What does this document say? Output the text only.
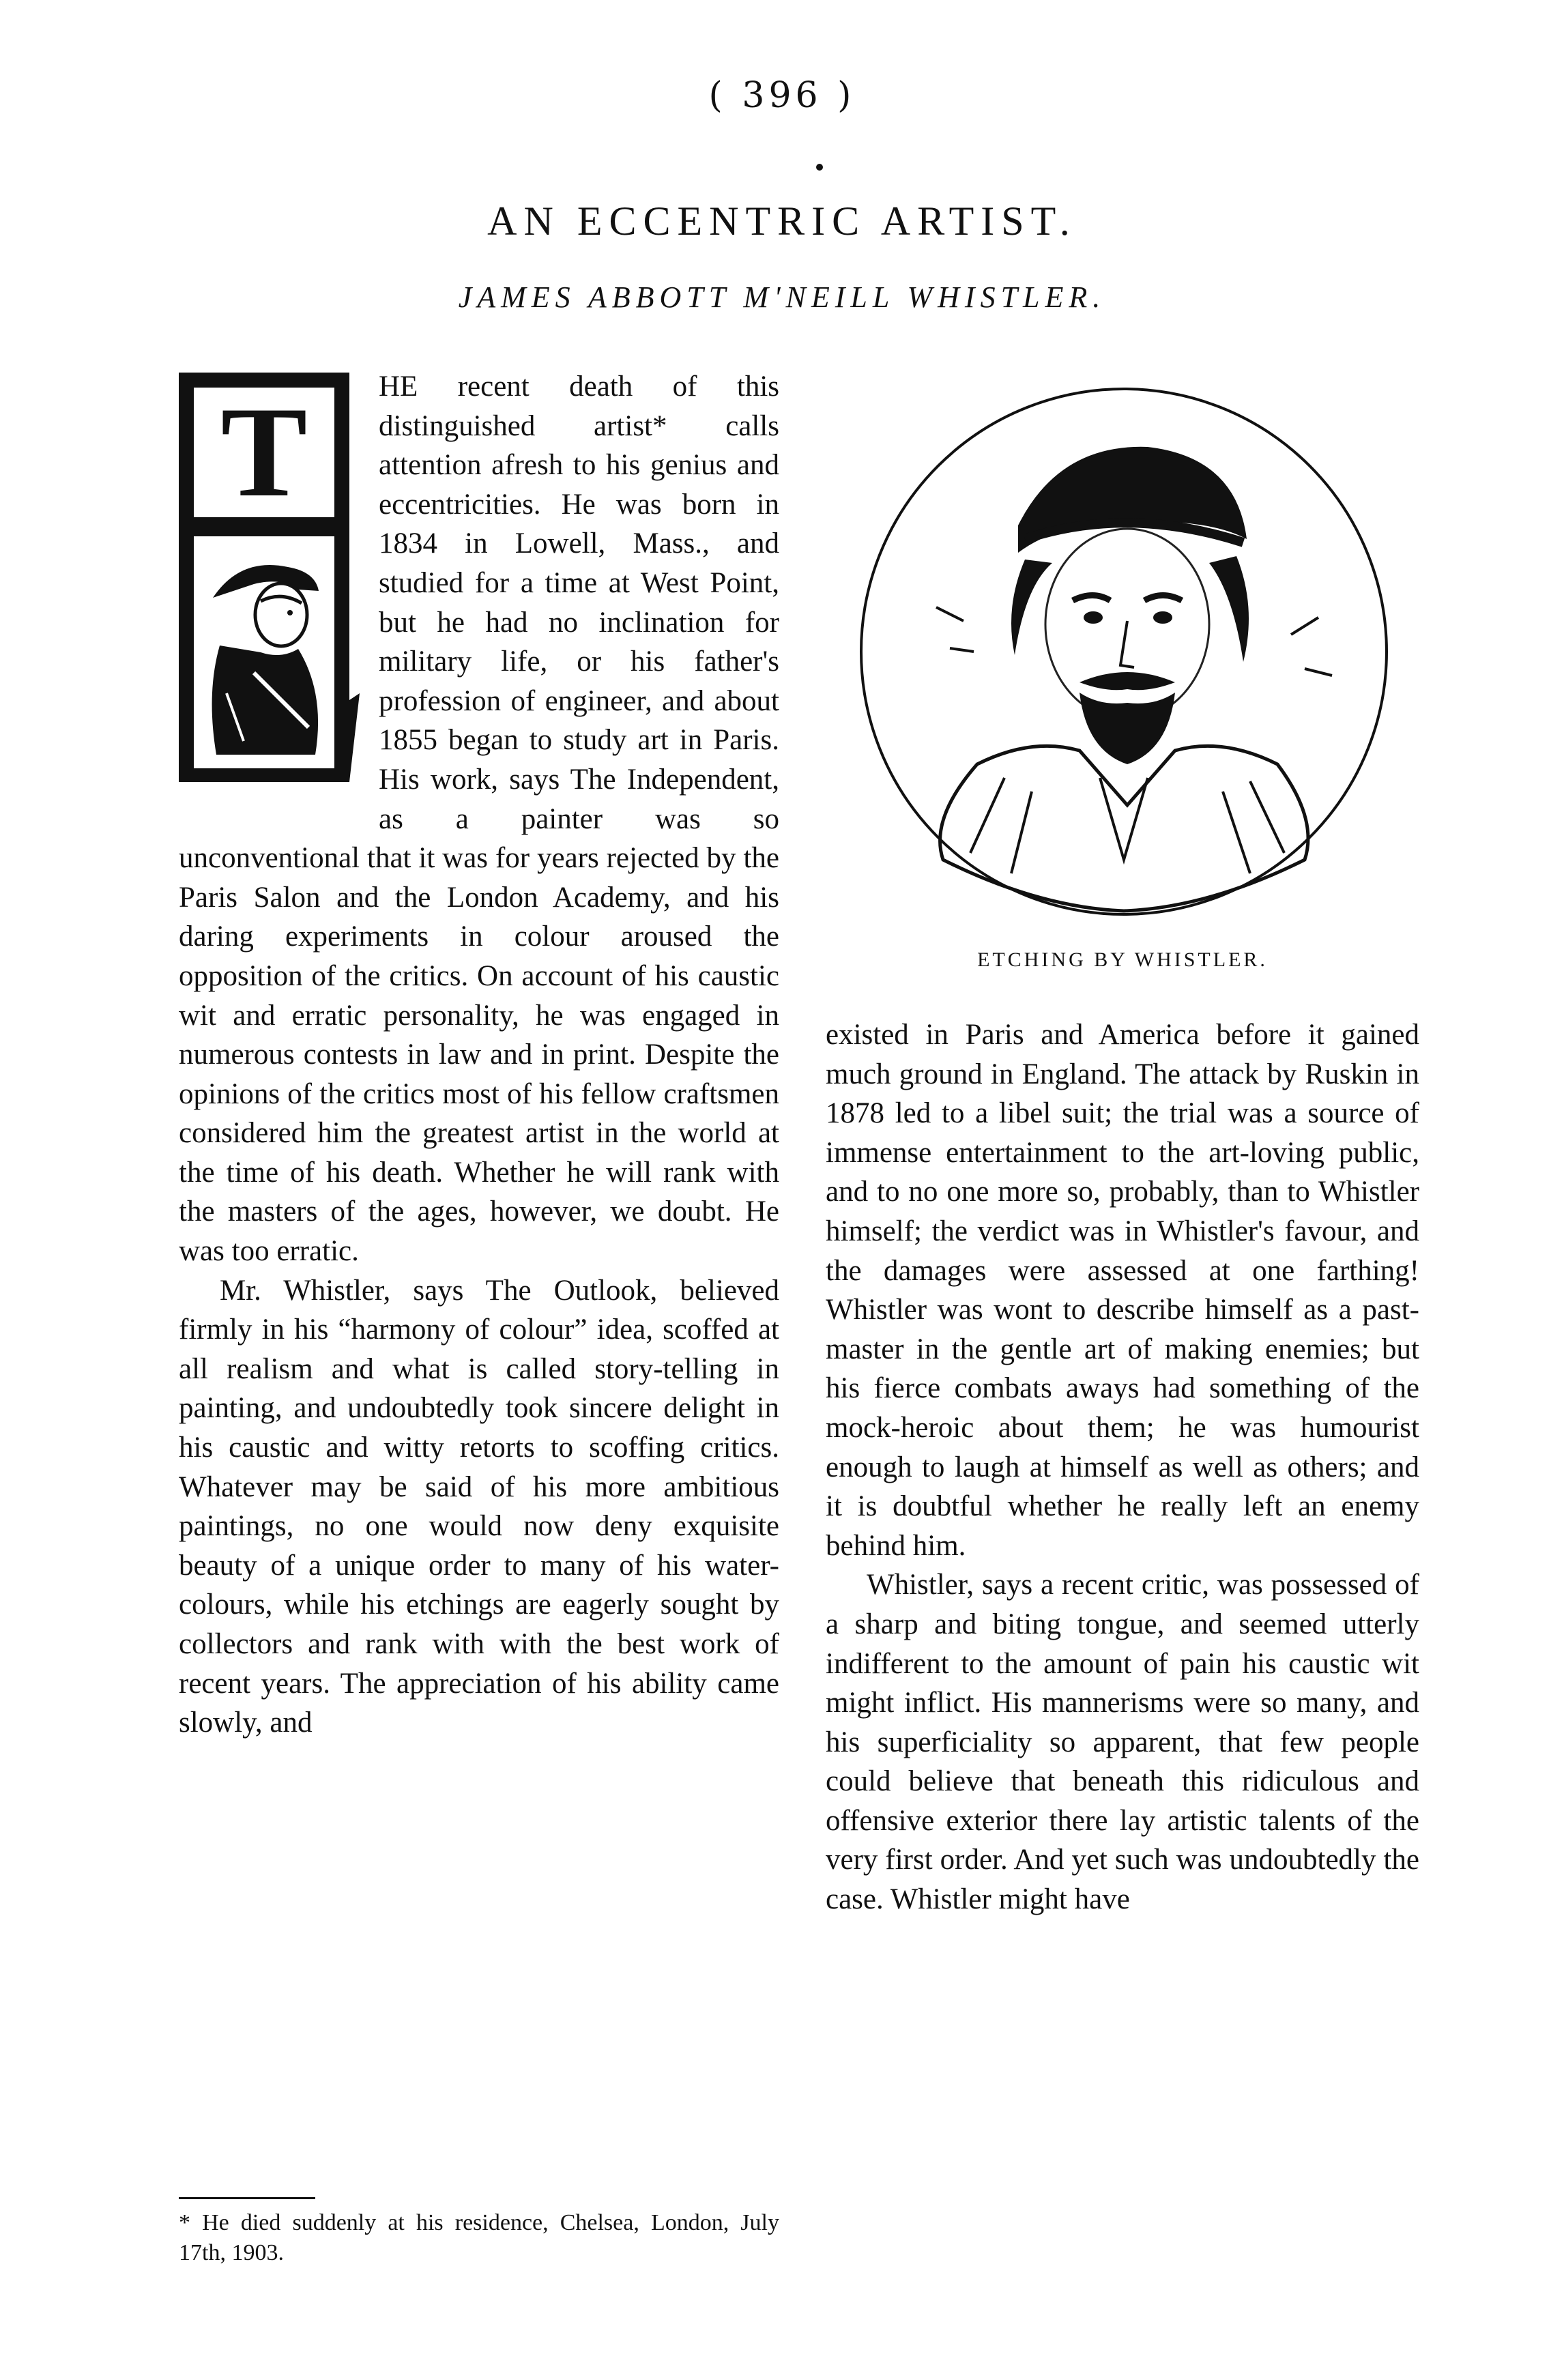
( 396 )
AN ECCENTRIC ARTIST.
JAMES ABBOTT M'NEILL WHISTLER.
T	HE recent death of this distinguished artist* calls attention afresh to his genius and eccentricities. He was born in 1834 in Lowell, Mass., and studied for a time at West Point, but he had no inclination for military life, or his father's profession of engineer, and about 1855 began to study art in Paris. His work, says The Independent, as a painter was so unconventional that it was for years rejected by the Paris Salon and the London Academy, and his daring experiments in colour aroused the opposition of the critics. On account of his caustic wit and erratic personality, he was engaged in numerous contests in law and in print. Despite the opinions of the critics most of his fellow craftsmen considered him the greatest artist in the world at the time of his death. Whether he will rank with the masters of the ages, however, we doubt. He was too erratic.

Mr. Whistler, says The Outlook, believed firmly in his “harmony of colour” idea, scoffed at all realism and what is called story-telling in painting, and undoubtedly took sincere delight in his caustic and witty retorts to scoffing critics. Whatever may be said of his more ambitious paintings, no one would now deny exquisite beauty of a unique order to many of his water-colours, while his etchings are eagerly sought by collectors and rank with with the best work of recent years. The appreciation of his ability came slowly, and

* He died suddenly at his residence, Chelsea, London, July 17th, 1903.
ETCHING BY WHISTLER.

existed in Paris and America before it gained much ground in England. The attack by Ruskin in 1878 led to a libel suit; the trial was a source of immense entertainment to the art-loving public, and to no one more so, probably, than to Whistler himself; the verdict was in Whistler's favour, and the damages were assessed at one farthing! Whistler was wont to describe himself as a past-master in the gentle art of making enemies; but his fierce combats aways had something of the mock-heroic about them; he was humourist enough to laugh at himself as well as others; and it is doubtful whether he really left an enemy behind him.

Whistler, says a recent critic, was possessed of a sharp and biting tongue, and seemed utterly indifferent to the amount of pain his caustic wit might inflict. His mannerisms were so many, and his superficiality so apparent, that few people could believe that beneath this ridiculous and offensive exterior there lay artistic talents of the very first order. And yet such was undoubtedly the case. Whistler might have
